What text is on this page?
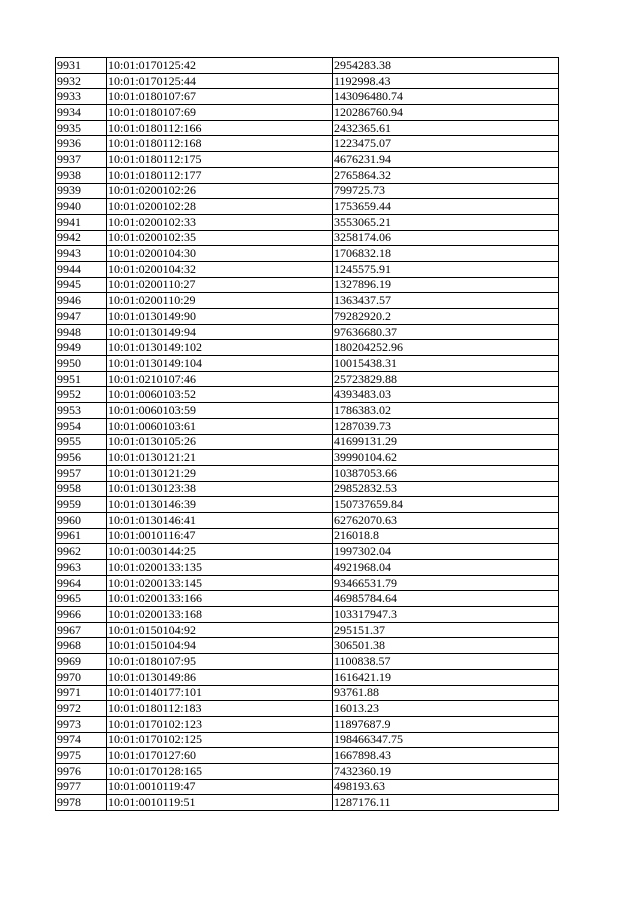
9931	10:01:0170125:42	2954283.38
9932	10:01:0170125:44	1192998.43
9933	10:01:0180107:67	143096480.74
9934	10:01:0180107:69	120286760.94
9935	10:01:0180112:166	2432365.61
9936	10:01:0180112:168	1223475.07
9937	10:01:0180112:175	4676231.94
9938	10:01:0180112:177	2765864.32
9939	10:01:0200102:26	799725.73
9940	10:01:0200102:28	1753659.44
9941	10:01:0200102:33	3553065.21
9942	10:01:0200102:35	3258174.06
9943	10:01:0200104:30	1706832.18
9944	10:01:0200104:32	1245575.91
9945	10:01:0200110:27	1327896.19
9946	10:01:0200110:29	1363437.57
9947	10:01:0130149:90	79282920.2
9948	10:01:0130149:94	97636680.37
9949	10:01:0130149:102	180204252.96
9950	10:01:0130149:104	10015438.31
9951	10:01:0210107:46	25723829.88
9952	10:01:0060103:52	4393483.03
9953	10:01:0060103:59	1786383.02
9954	10:01:0060103:61	1287039.73
9955	10:01:0130105:26	41699131.29
9956	10:01:0130121:21	39990104.62
9957	10:01:0130121:29	10387053.66
9958	10:01:0130123:38	29852832.53
9959	10:01:0130146:39	150737659.84
9960	10:01:0130146:41	62762070.63
9961	10:01:0010116:47	216018.8
9962	10:01:0030144:25	1997302.04
9963	10:01:0200133:135	4921968.04
9964	10:01:0200133:145	93466531.79
9965	10:01:0200133:166	46985784.64
9966	10:01:0200133:168	103317947.3
9967	10:01:0150104:92	295151.37
9968	10:01:0150104:94	306501.38
9969	10:01:0180107:95	1100838.57
9970	10:01:0130149:86	1616421.19
9971	10:01:0140177:101	93761.88
9972	10:01:0180112:183	16013.23
9973	10:01:0170102:123	11897687.9
9974	10:01:0170102:125	198466347.75
9975	10:01:0170127:60	1667898.43
9976	10:01:0170128:165	7432360.19
9977	10:01:0010119:47	498193.63
9978	10:01:0010119:51	1287176.11
